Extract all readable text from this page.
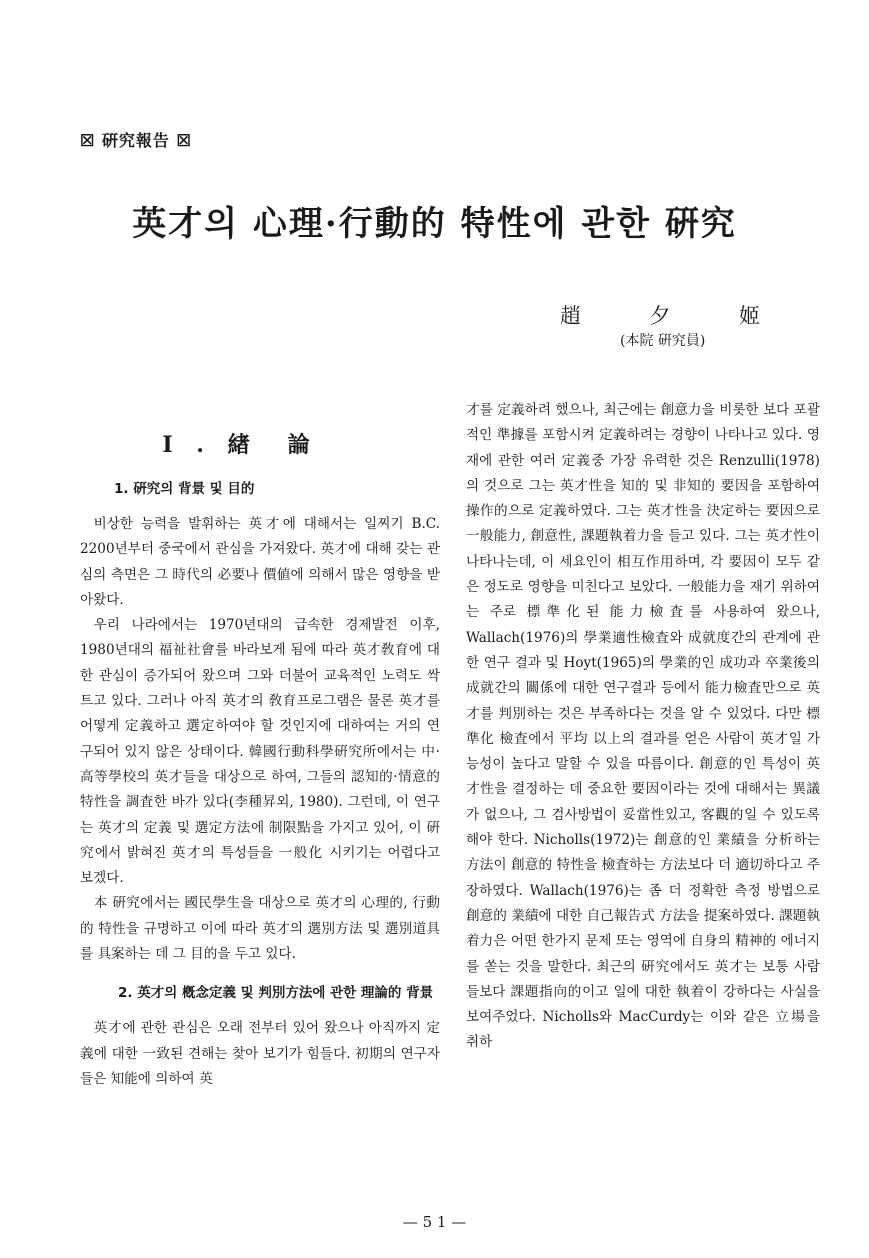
☒ 硏究報告 ☒
英才의 心理·行動的 特性에 관한 硏究
趙	夕	姬
(本院 硏究員)
I . 緖　論
1. 硏究의 背景 및 目的

비상한 능력을 발휘하는 英才에 대해서는 일찌기 B.C. 2200년부터 중국에서 관심을 가져왔다. 英才에 대해 갖는 관심의 측면은 그 時代의 必要나 價値에 의해서 많은 영향을 받아왔다.

우리 나라에서는 1970년대의 급속한 경제발전 이후, 1980년대의 福祉社會를 바라보게 됨에 따라 英才敎育에 대한 관심이 증가되어 왔으며 그와 더불어 교육적인 노력도 싹트고 있다. 그러나 아직 英才의 敎育프로그램은 물론 英才를 어떻게 定義하고 選定하여야 할 것인지에 대하여는 거의 연구되어 있지 않은 상태이다. 韓國行動科學硏究所에서는 中·高等學校의 英才들을 대상으로 하여, 그들의 認知的·情意的 特性을 調査한 바가 있다(李種昇외, 1980). 그런데, 이 연구는 英才의 定義 및 選定方法에 制限點을 가지고 있어, 이 硏究에서 밝혀진 英才의 특성들을 一般化 시키기는 어렵다고 보겠다.

本 硏究에서는 國民學生을 대상으로 英才의 心理的, 行動的 特性을 규명하고 이에 따라 英才의 選別方法 및 選別道具를 具案하는 데 그 目的을 두고 있다.

2. 英才의 槪念定義 및 判別方法에 관한 理論的 背景

英才에 관한 관심은 오래 전부터 있어 왔으나 아직까지 定義에 대한 一致된 견해는 찾아 보기가 힘들다. 初期의 연구자들은 知能에 의하여 英

才를 定義하려 했으나, 최근에는 創意力을 비롯한 보다 포괄적인 準據를 포함시켜 定義하려는 경향이 나타나고 있다. 영재에 관한 여러 定義중 가장 유력한 것은 Renzulli(1978)의 것으로 그는 英才性을 知的 및 非知的 要因을 포함하여 操作的으로 定義하였다. 그는 英才性을 決定하는 要因으로 一般能力, 創意性, 課題執着力을 들고 있다. 그는 英才性이 나타나는데, 이 세요인이 相互作用하며, 각 要因이 모두 같은 정도로 영향을 미친다고 보았다. 一般能力을 재기 위하여는 주로 標準化된 能力檢査를 사용하여 왔으나, Wallach(1976)의 學業適性檢査와 成就度간의 관계에 관한 연구 결과 및 Hoyt(1965)의 學業的인 成功과 卒業後의 成就간의 關係에 대한 연구결과 등에서 能力檢査만으로 英才를 判別하는 것은 부족하다는 것을 알 수 있었다. 다만 標準化 檢査에서 平均 以上의 결과를 얻은 사람이 英才일 가능성이 높다고 말할 수 있을 따름이다. 創意的인 특성이 英才性을 결정하는 데 중요한 要因이라는 것에 대해서는 異議가 없으나, 그 검사방법이 妥當性있고, 客觀的일 수 있도록 해야 한다. Nicholls(1972)는 創意的인 業績을 分析하는 方法이 創意的 特性을 檢査하는 方法보다 더 適切하다고 주장하였다. Wallach(1976)는 좀 더 정확한 측정 방법으로 創意的 業績에 대한 自己報告式 方法을 提案하였다. 課題執着力은 어떤 한가지 문제 또는 영역에 自身의 精神的 에너지를 쏟는 것을 말한다. 최근의 硏究에서도 英才는 보통 사람들보다 課題指向的이고 일에 대한 執着이 강하다는 사실을 보여주었다. Nicholls와 MacCurdy는 이와 같은 立場을 취하

— 5 1 —
